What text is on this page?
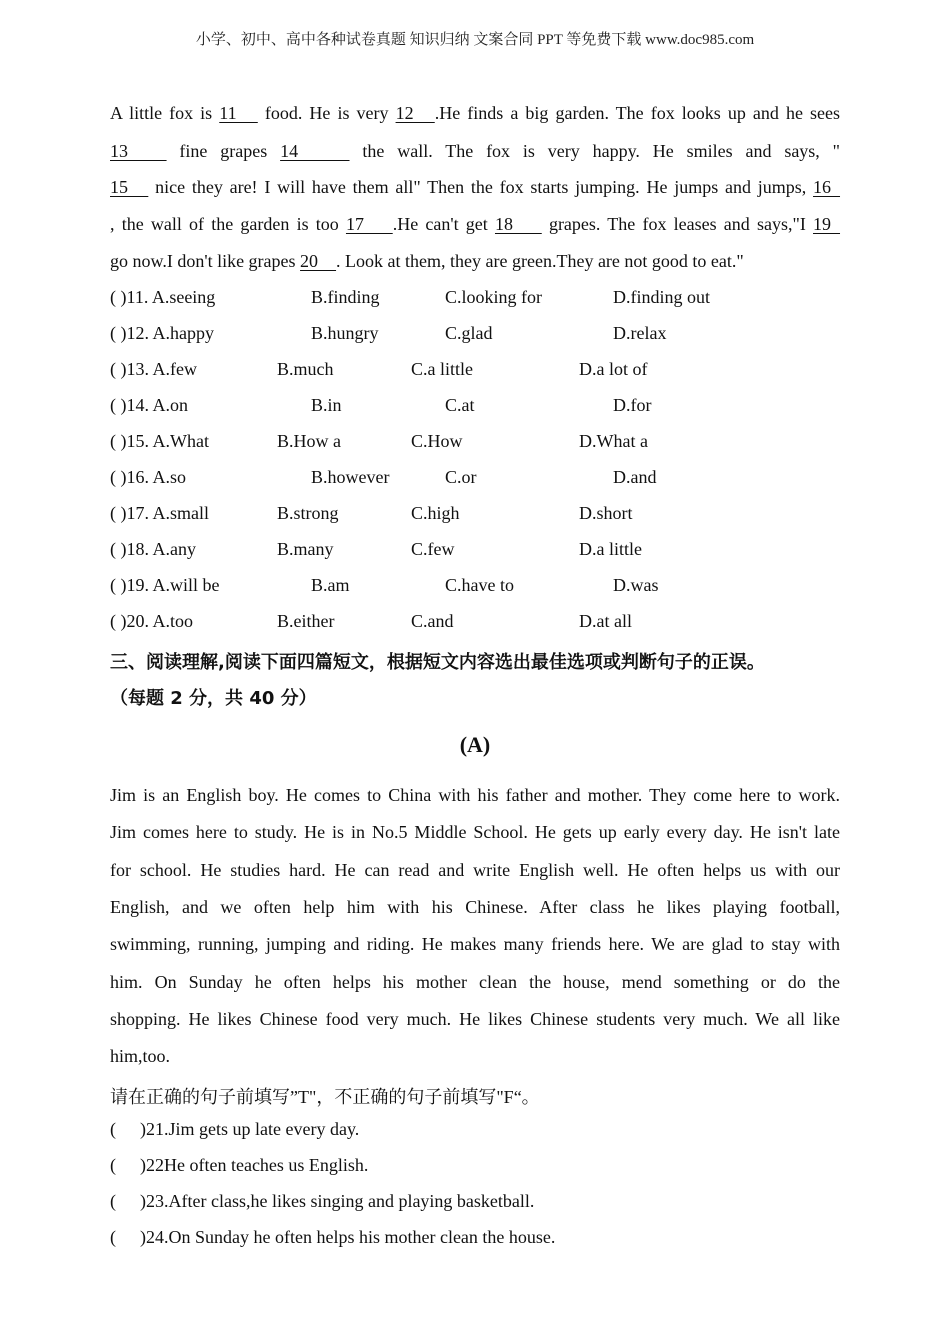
小学、初中、高中各种试卷真题 知识归纳 文案合同 PPT 等免费下载 www.doc985.com
A little fox is 11    food. He is very 12   .He finds a big garden. The fox looks up and he sees
13    fine grapes 14     the wall. The fox is very happy. He smiles and says, "
15    nice they are! I will have them all" Then the fox starts jumping. He jumps and jumps, 16
, the wall of the garden is too 17    .He can't get 18     grapes. The fox leases and says,"I 19
go now.I don't like grapes 20    . Look at them, they are green.They are not good to eat."
( )11. A.seeing	B.finding	C.looking for	D.finding out
( )12. A.happy	B.hungry	C.glad	D.relax
( )13. A.few	B.much	C.a little	D.a lot of
( )14. A.on	B.in	C.at	D.for
( )15. A.What	B.How a	C.How	D.What a
( )16. A.so	B.however	C.or	D.and
( )17. A.small	B.strong	C.high	D.short
( )18. A.any	B.many	C.few	D.a little
( )19. A.will be	B.am	C.have to	D.was
( )20. A.too	B.either	C.and	D.at all
三、阅读理解,阅读下面四篇短文，根据短文内容选出最佳选项或判断句子的正误。
（每题 2 分，共 40 分）
(A)
Jim is an English boy. He comes to China with his father and mother. They come here to work.
Jim comes here to study. He is in No.5 Middle School. He gets up early every day. He isn't late
for school. He studies hard. He can read and write English well. He often helps us with our
English, and we often help him with his Chinese. After class he likes playing football,
swimming, running, jumping and riding. He makes many friends here. We are glad to stay with
him. On Sunday he often helps his mother clean the house, mend something or do the
shopping. He likes Chinese food very much. He likes Chinese students very much. We all like
him,too.
请在正确的句子前填写”T"，不正确的句子前填写"F“。
( )21.Jim gets up late every day.
( )22He often teaches us English.
( )23.After class,he likes singing and playing basketball.
( )24.On Sunday he often helps his mother clean the house.
